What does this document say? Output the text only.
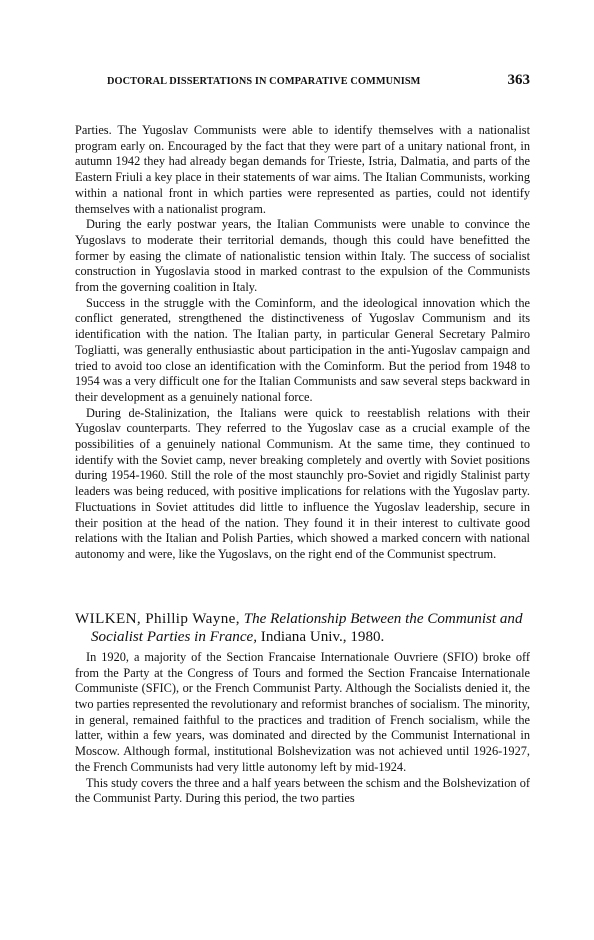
DOCTORAL DISSERTATIONS IN COMPARATIVE COMMUNISM	363

Parties. The Yugoslav Communists were able to identify themselves with a nationalist program early on. Encouraged by the fact that they were part of a unitary national front, in autumn 1942 they had already began demands for Trieste, Istria, Dalmatia, and parts of the Eastern Friuli a key place in their statements of war aims. The Italian Communists, working within a national front in which parties were represented as parties, could not identify themselves with a nationalist program.

During the early postwar years, the Italian Communists were unable to convince the Yugoslavs to moderate their territorial demands, though this could have benefitted the former by easing the climate of nationalistic tension within Italy. The success of socialist construction in Yugoslavia stood in marked contrast to the expulsion of the Communists from the governing coalition in Italy.

Success in the struggle with the Cominform, and the ideological innovation which the conflict generated, strengthened the distinctiveness of Yugoslav Communism and its identification with the nation. The Italian party, in particular General Secretary Palmiro Togliatti, was generally enthusiastic about participation in the anti-Yugoslav campaign and tried to avoid too close an identification with the Cominform. But the period from 1948 to 1954 was a very difficult one for the Italian Communists and saw several steps backward in their development as a genuinely national force.

During de-Stalinization, the Italians were quick to reestablish relations with their Yugoslav counterparts. They referred to the Yugoslav case as a crucial example of the possibilities of a genuinely national Communism. At the same time, they continued to identify with the Soviet camp, never breaking completely and overtly with Soviet positions during 1954-1960. Still the role of the most staunchly pro-Soviet and rigidly Stalinist party leaders was being reduced, with positive implications for relations with the Yugoslav party. Fluctuations in Soviet attitudes did little to influence the Yugoslav leadership, secure in their position at the head of the nation. They found it in their interest to cultivate good relations with the Italian and Polish Parties, which showed a marked concern with national autonomy and were, like the Yugoslavs, on the right end of the Communist spectrum.

WILKEN, Phillip Wayne, The Relationship Between the Communist and Socialist Parties in France, Indiana Univ., 1980.

In 1920, a majority of the Section Francaise Internationale Ouvriere (SFIO) broke off from the Party at the Congress of Tours and formed the Section Francaise Internationale Communiste (SFIC), or the French Communist Party. Although the Socialists denied it, the two parties represented the revolutionary and reformist branches of socialism. The minority, in general, remained faithful to the practices and tradition of French socialism, while the latter, within a few years, was dominated and directed by the Communist International in Moscow. Although formal, institutional Bolshevization was not achieved until 1926-1927, the French Communists had very little autonomy left by mid-1924.

This study covers the three and a half years between the schism and the Bolshevization of the Communist Party. During this period, the two parties
